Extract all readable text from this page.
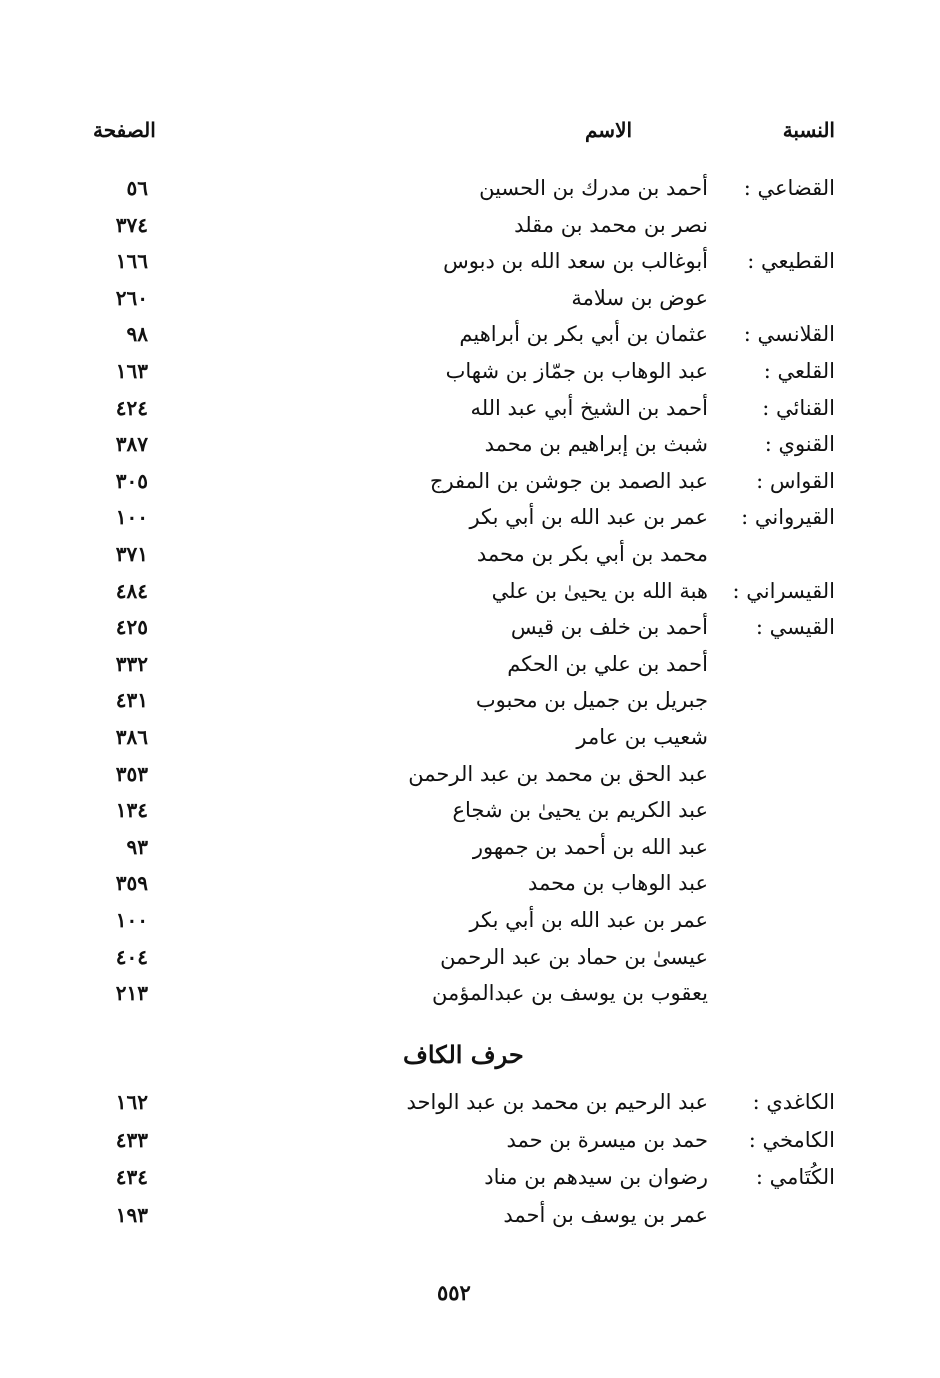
النسبة
الاسم
الصفحة
القضاعي :
أحمد بن مدرك بن الحسين
٥٦
نصر بن محمد بن مقلد
٣٧٤
القطيعي :
أبوغالب بن سعد الله بن دبوس
١٦٦
عوض بن سلامة
٢٦٠
القلانسي :
عثمان بن أبي بكر بن أبراهيم
٩٨
القلعي :
عبد الوهاب بن جمّاز بن شهاب
١٦٣
القنائي :
أحمد بن الشيخ أبي عبد الله
٤٢٤
القنوي :
شبث بن إبراهيم بن محمد
٣٨٧
القواس :
عبد الصمد بن جوشن بن المفرج
٣٠٥
القيرواني :
عمر بن عبد الله بن أبي بكر
١٠٠
محمد بن أبي بكر بن محمد
٣٧١
القيسراني :
هبة الله بن يحيىٰ بن علي
٤٨٤
القيسي :
أحمد بن خلف بن قيس
٤٢٥
أحمد بن علي بن الحكم
٣٣٢
جبريل بن جميل بن محبوب
٤٣١
شعيب بن عامر
٣٨٦
عبد الحق بن محمد بن عبد الرحمن
٣٥٣
عبد الكريم بن يحيىٰ بن شجاع
١٣٤
عبد الله بن أحمد بن جمهور
٩٣
عبد الوهاب بن محمد
٣٥٩
عمر بن عبد الله بن أبي بكر
١٠٠
عيسىٰ بن حماد بن عبد الرحمن
٤٠٤
يعقوب بن يوسف بن عبدالمؤمن
٢١٣
حرف الكاف
الكاغدي :
عبد الرحيم بن محمد بن عبد الواحد
١٦٢
الكامخي :
حمد بن ميسرة بن حمد
٤٣٣
الكُتَامي :
رضوان بن سيدهم بن مناد
٤٣٤
عمر بن يوسف بن أحمد
١٩٣
٥٥٢
